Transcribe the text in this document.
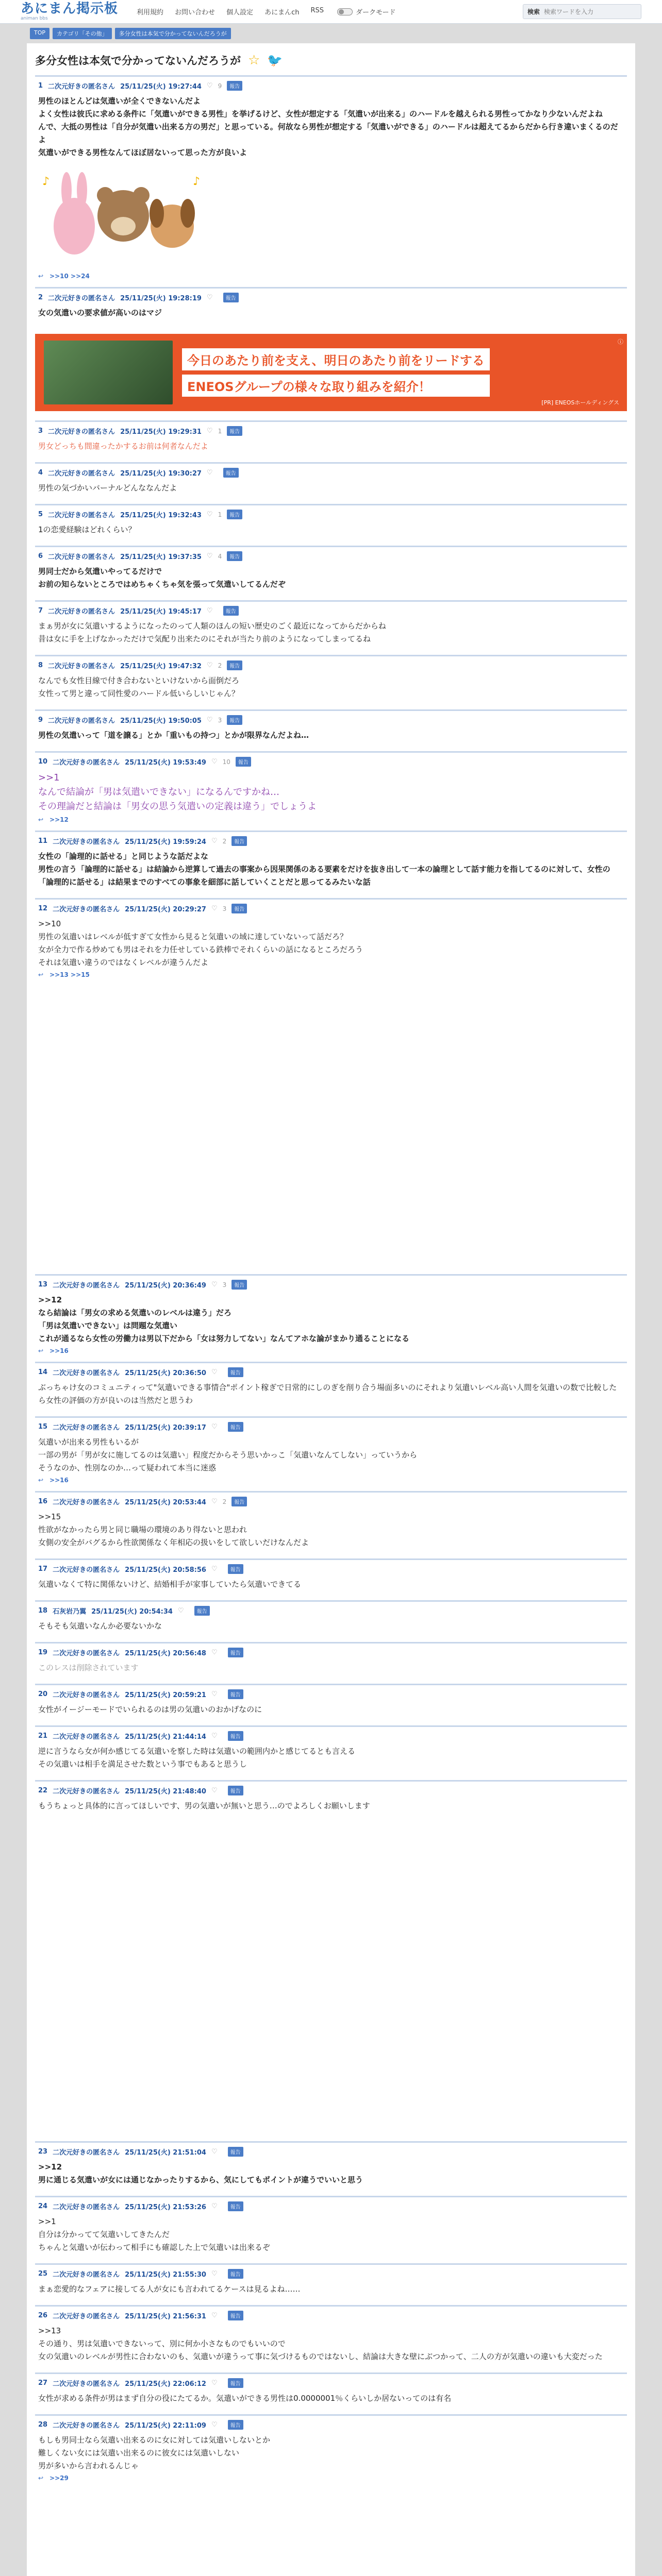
あにまん掲示板
animan bbs
利用規約 お問い合わせ 個人設定 あにまんch RSS	ダークモード	検索
検索ワードを入力
TOP	カテゴリ「その他」	多分女性は本気で分かってないんだろうが
多分女性は本気で分かってないんだろうが ☆ 🐦
1 二次元好きの匿名さん 25/11/25(火) 19:27:44 ♡ 9	報告
男性のほとんどは気遣いが全くできないんだよ
よく女性は彼氏に求める条件に「気遣いができる男性」を挙げるけど、女性が想定する「気遣いが出来る」のハードルを越えられる男性ってかなり少ないんだよね
んで、大抵の男性は「自分が気遣い出来る方の男だ」と思っている。何故なら男性が想定する「気遣いができる」のハードルは超えてるからだから行き違いまくるのだよ
気遣いができる男性なんてほぼ居ないって思った方が良いよ
♪	♪
↩ >>10 >>24
2 二次元好きの匿名さん 25/11/25(火) 19:28:19 ♡	報告
女の気遣いの要求値が高いのはマジ
今日のあたり前を支え、明日のあたり前をリードする
ENEOSグループの様々な取り組みを紹介！
[PR] ENEOSホールディングス
ⓘ
3 二次元好きの匿名さん 25/11/25(火) 19:29:31 ♡ 1	報告
男女どっちも間違ったかするお前は何者なんだよ
4 二次元好きの匿名さん 25/11/25(火) 19:30:27 ♡	報告
男性の気づかいバーナルどんななんだよ
5 二次元好きの匿名さん 25/11/25(火) 19:32:43 ♡ 1	報告
1の恋愛経験はどれくらい？
6 二次元好きの匿名さん 25/11/25(火) 19:37:35 ♡ 4	報告
男同士だから気遣いやってるだけで
お前の知らないところではめちゃくちゃ気を張って気遣いしてるんだぞ
7 二次元好きの匿名さん 25/11/25(火) 19:45:17 ♡	報告
まぁ男が女に気遣いするようになったのって人類のほんの短い歴史のごく最近になってからだからね
昔は女に手を上げなかっただけで気配り出来たのにそれが当たり前のようになってしまってるね
8 二次元好きの匿名さん 25/11/25(火) 19:47:32 ♡ 2	報告
なんでも女性目線で付き合わないといけないから面倒だろ
女性って男と違って同性愛のハードル低いらしいじゃん？
9 二次元好きの匿名さん 25/11/25(火) 19:50:05 ♡ 3	報告
男性の気遣いって「道を譲る」とか「重いもの持つ」とかが限界なんだよね…
10 二次元好きの匿名さん 25/11/25(火) 19:53:49 ♡ 10	報告
>>1
なんで結論が「男は気遣いできない」になるんですかね…
その理論だと結論は「男女の思う気遣いの定義は違う」でしょうよ
↩ >>12
11 二次元好きの匿名さん 25/11/25(火) 19:59:24 ♡ 2	報告
女性の「論理的に話せる」と同じような話だよな
男性の言う「論理的に話せる」は結論から逆算して過去の事案から因果関係のある要素をだけを抜き出して一本の論理として話す能力を指してるのに対して、女性の「論理的に話せる」は結果までのすべての事象を細部に話していくことだと思ってるみたいな話
12 二次元好きの匿名さん 25/11/25(火) 20:29:27 ♡ 3	報告
>>10
男性の気遣いはレベルが低すぎて女性から見ると気遣いの域に達していないって話だろ？
女が全力で作る炒めても男はそれを力任せしている鉄棒でそれくらいの話になるところだろう
それは気遣い違うのではなくレベルが違うんだよ
↩ >>13 >>15
13 二次元好きの匿名さん 25/11/25(火) 20:36:49 ♡ 3	報告
>>12
なら結論は「男女の求める気遣いのレベルは違う」だろ
「男は気遣いできない」は問題な気遣い
これが通るなら女性の労働力は男以下だから「女は努力してない」なんてアホな論がまかり通ることになる
↩ >>16
14 二次元好きの匿名さん 25/11/25(火) 20:36:50 ♡	報告
ぶっちゃけ女のコミュニティって"気遣いできる事情合"ポイント稼ぎで日常的にしのぎを削り合う場面多いのにそれより気遣いレベル高い人間を気遣いの数で比較したら女性の評価の方が良いのは当然だと思うわ
15 二次元好きの匿名さん 25/11/25(火) 20:39:17 ♡	報告
気遣いが出来る男性もいるが
一部の男が「男が女に施してるのは気遣い」程度だからそう思いかっこ「気遣いなんてしない」っていうから
そうなのか、性別なのか…って疑われて本当に迷惑
↩ >>16
16 二次元好きの匿名さん 25/11/25(火) 20:53:44 ♡ 2	報告
>>15
性欲がなかったら男と同じ職場の環境のあり得ないと思われ
女側の安全がバグるから性欲関係なく年相応の扱いをして欲しいだけなんだよ
17 二次元好きの匿名さん 25/11/25(火) 20:58:56 ♡	報告
気遣いなくて特に関係ないけど、結婚相手が家事していたら気遣いできてる
18 石灰岩乃翼 25/11/25(火) 20:54:34 ♡	報告
そもそも気遣いなんか必要ないかな
19 二次元好きの匿名さん 25/11/25(火) 20:56:48 ♡	報告
このレスは削除されています
20 二次元好きの匿名さん 25/11/25(火) 20:59:21 ♡	報告
女性がイージーモードでいられるのは男の気遣いのおかげなのに
21 二次元好きの匿名さん 25/11/25(火) 21:44:14 ♡	報告
逆に言うなら女が何か感じてる気遣いを察した時は気遣いの範囲内かと感じてるとも言える
その気遣いは相手を満足させた数という事でもあると思うし
22 二次元好きの匿名さん 25/11/25(火) 21:48:40 ♡	報告
もうちょっと具体的に言ってほしいです、男の気遣いが無いと思う…のでよろしくお願いします
23 二次元好きの匿名さん 25/11/25(火) 21:51:04 ♡	報告
>>12
男に通じる気遣いが女には通じなかったりするから、気にしてもポイントが違うでいいと思う
24 二次元好きの匿名さん 25/11/25(火) 21:53:26 ♡	報告
>>1
自分は分かってて気遣いしてきたんだ
ちゃんと気遣いが伝わって相手にも確認した上で気遣いは出来るぞ
25 二次元好きの匿名さん 25/11/25(火) 21:55:30 ♡	報告
まぁ恋愛的なフェアに接してる人が女にも言われてるケースは見るよね……
26 二次元好きの匿名さん 25/11/25(火) 21:56:31 ♡	報告
>>13
その通り、男は気遣いできないって、別に何か小さなものでもいいので
女の気遣いのレベルが男性に合わないのも、気遣いが違うって事に気づけるものではないし、結論は大きな壁にぶつかって、二人の方が気遣いの違いも大変だった
27 二次元好きの匿名さん 25/11/25(火) 22:06:12 ♡	報告
女性が求める条件が男はまず自分の役にたてるか。気遣いができる男性は0.0000001％くらいしか居ないってのは有名
28 二次元好きの匿名さん 25/11/25(火) 22:11:09 ♡	報告
もしも男同士なら気遣い出来るのに女に対しては気遣いしないとか
難しくない女には気遣い出来るのに彼女には気遣いしない
男が多いから言われるんじゃ
↩ >>29
